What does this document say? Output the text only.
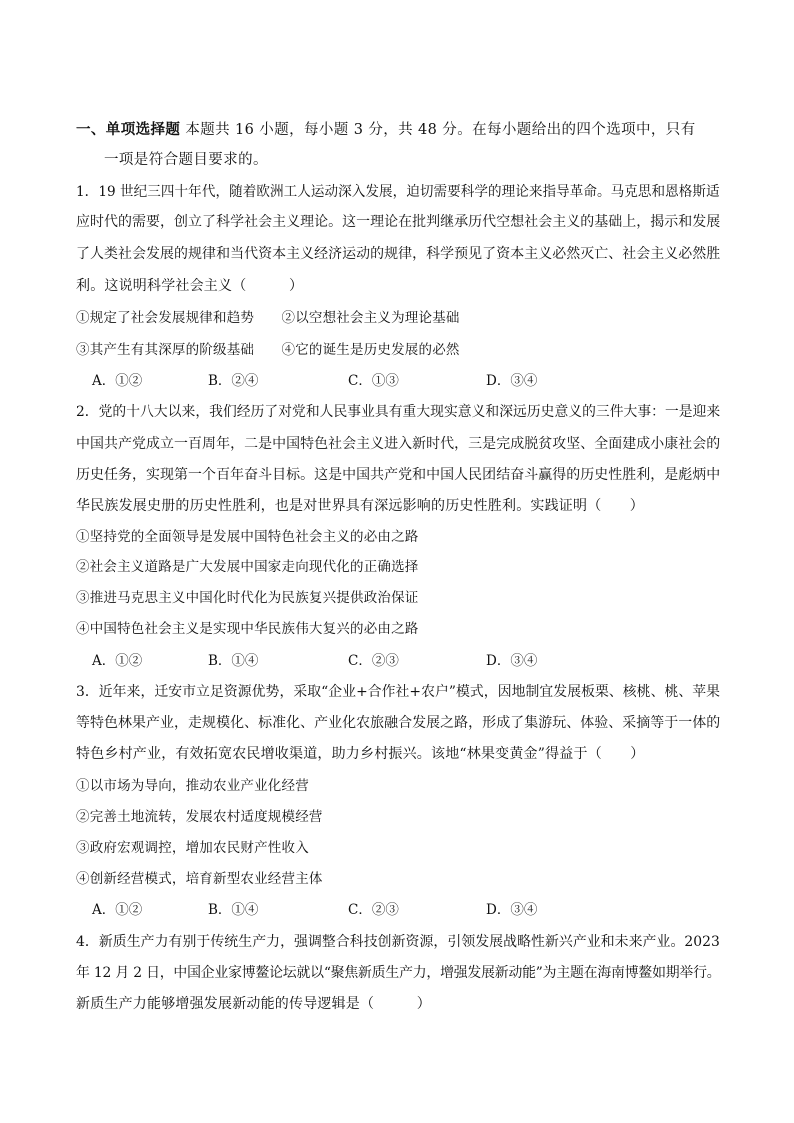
一、单项选择题 本题共 16 小题，每小题 3 分，共 48 分。在每小题给出的四个选项中，只有
一项是符合题目要求的。
1．19 世纪三四十年代，随着欧洲工人运动深入发展，迫切需要科学的理论来指导革命。马克思和恩格斯适
应时代的需要，创立了科学社会主义理论。这一理论在批判继承历代空想社会主义的基础上，揭示和发展
了人类社会发展的规律和当代资本主义经济运动的规律，科学预见了资本主义必然灭亡、社会主义必然胜
利。这说明科学社会主义（　　　）
①规定了社会发展规律和趋势　　②以空想社会主义为理论基础
③其产生有其深厚的阶级基础　　④它的诞生是历史发展的必然
A．①②	B．②④	C．①③	D．③④
2．党的十八大以来，我们经历了对党和人民事业具有重大现实意义和深远历史意义的三件大事：一是迎来
中国共产党成立一百周年，二是中国特色社会主义进入新时代，三是完成脱贫攻坚、全面建成小康社会的
历史任务，实现第一个百年奋斗目标。这是中国共产党和中国人民团结奋斗赢得的历史性胜利，是彪炳中
华民族发展史册的历史性胜利，也是对世界具有深远影响的历史性胜利。实践证明（　　）
①坚持党的全面领导是发展中国特色社会主义的必由之路
②社会主义道路是广大发展中国家走向现代化的正确选择
③推进马克思主义中国化时代化为民族复兴提供政治保证
④中国特色社会主义是实现中华民族伟大复兴的必由之路
A．①②	B．①④	C．②③	D．③④
3．近年来，迁安市立足资源优势，采取“企业+合作社+农户”模式，因地制宜发展板栗、核桃、桃、苹果
等特色林果产业，走规模化、标准化、产业化农旅融合发展之路，形成了集游玩、体验、采摘等于一体的
特色乡村产业，有效拓宽农民增收渠道，助力乡村振兴。该地“林果变黄金”得益于（　　）
①以市场为导向，推动农业产业化经营
②完善土地流转，发展农村适度规模经营
③政府宏观调控，增加农民财产性收入
④创新经营模式，培育新型农业经营主体
A．①②	B．①④	C．②③	D．③④
4．新质生产力有别于传统生产力，强调整合科技创新资源，引领发展战略性新兴产业和未来产业。2023
年 12 月 2 日，中国企业家博鳌论坛就以“聚焦新质生产力，增强发展新动能”为主题在海南博鳌如期举行。
新质生产力能够增强发展新动能的传导逻辑是（　　　）
